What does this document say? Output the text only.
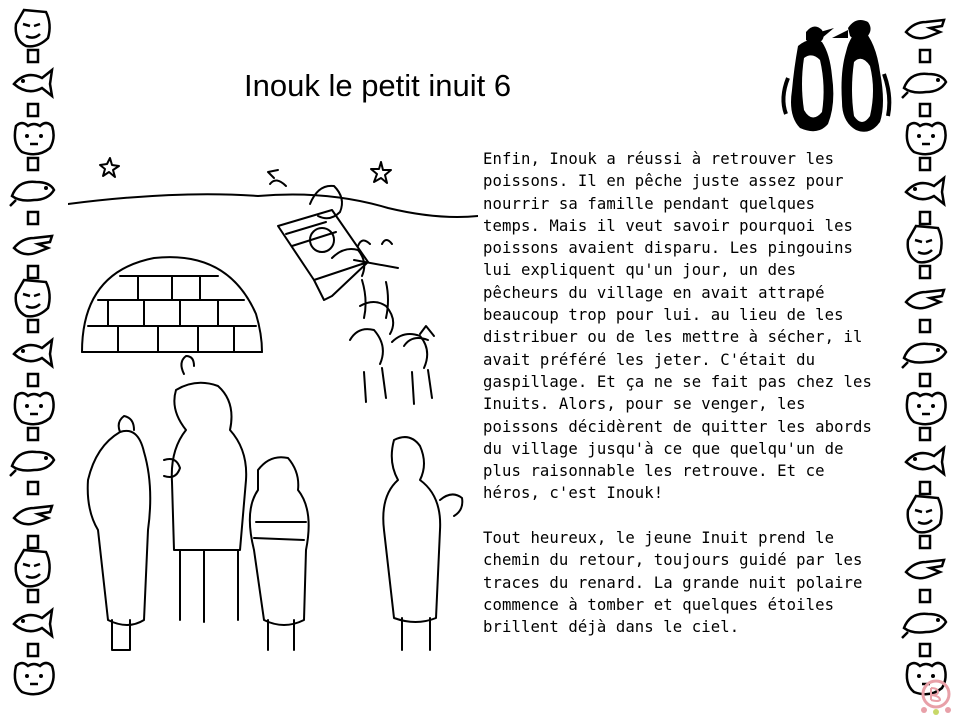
Inouk le petit inuit 6

Enfin, Inouk a réussi à retrouver les poissons. Il en pêche juste assez pour nourrir sa famille pendant quelques temps. Mais il veut savoir pourquoi les poissons avaient disparu. Les pingouins lui expliquent qu'un jour, un des pêcheurs du village en avait attrapé beaucoup trop pour lui. au lieu de les distribuer ou de les mettre à sécher, il avait préféré les jeter. C'était du gaspillage. Et ça ne se fait pas chez les Inuits. Alors, pour se venger, les poissons décidèrent de quitter les abords du village jusqu'à ce que quelqu'un de plus raisonnable les retrouve. Et ce héros, c'est Inouk!

Tout heureux, le jeune Inuit prend le chemin du retour, toujours guidé par les traces du renard. La grande nuit polaire commence à tomber et quelques étoiles brillent déjà dans le ciel.
